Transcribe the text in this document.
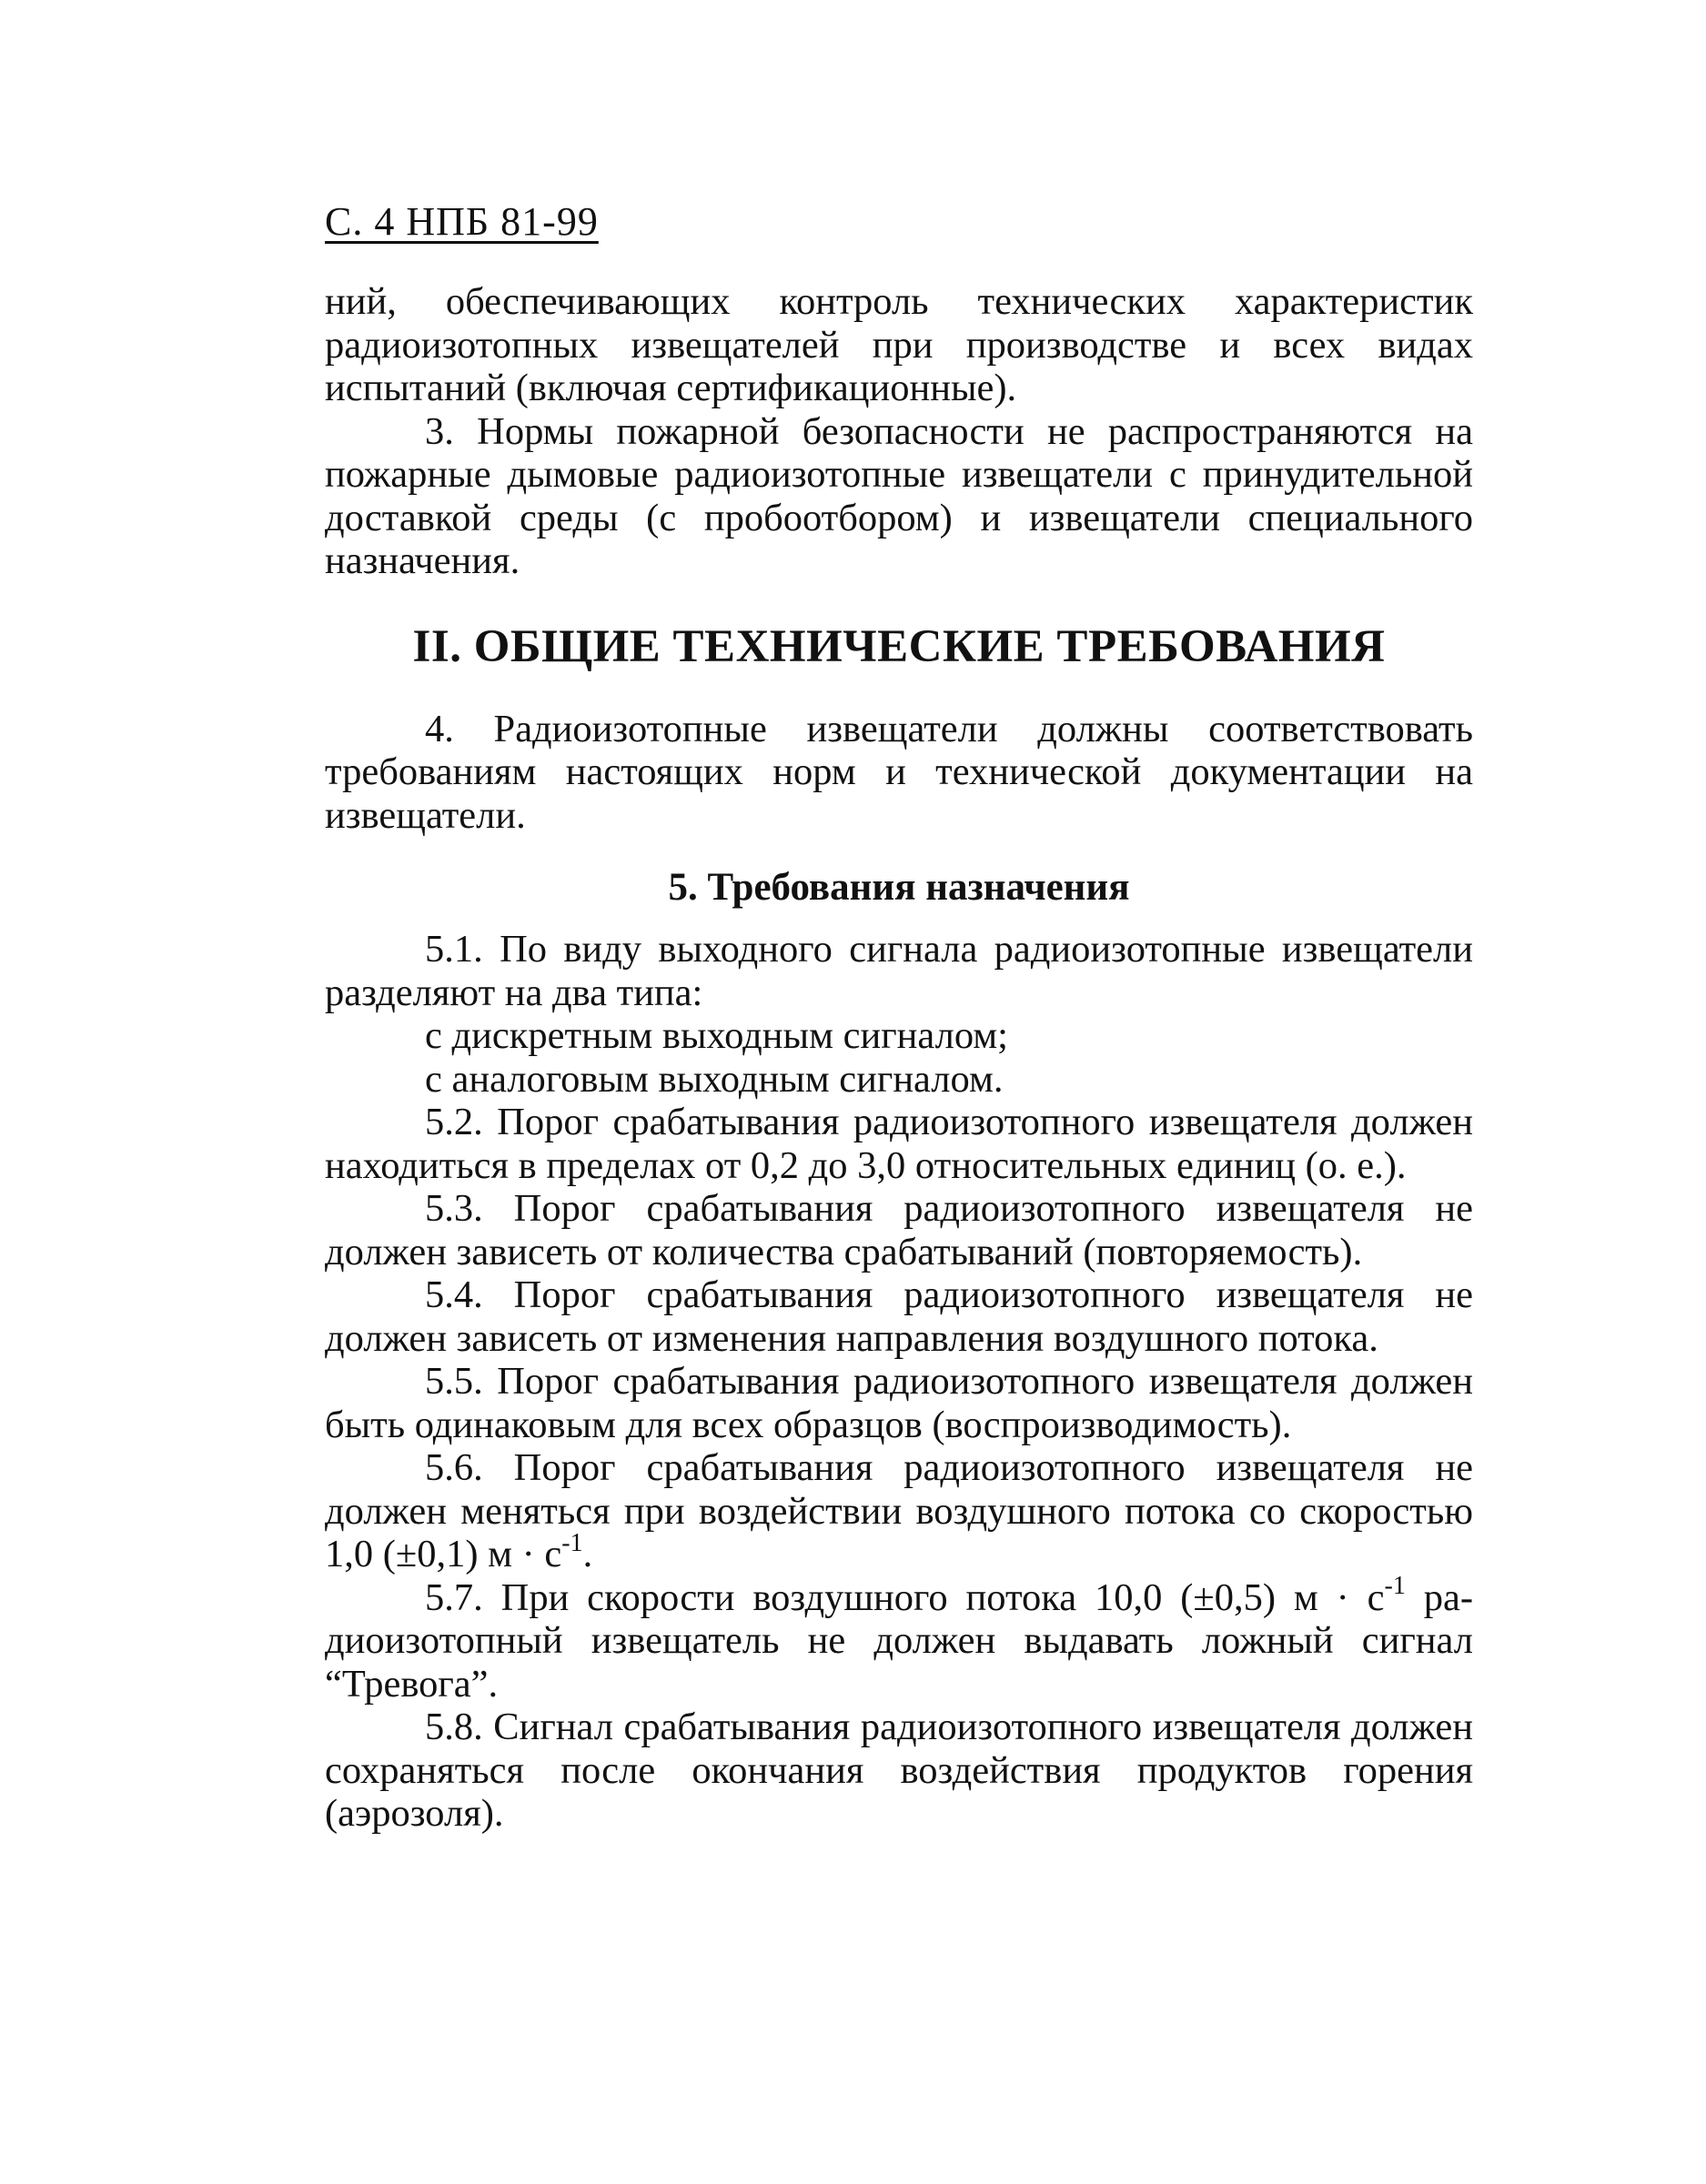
С. 4 НПБ 81-99

ний, обеспечивающих контроль технических характеристик радиоизотопных извещателей при производстве и всех видах испытаний (включая сертификационные).

3. Нормы пожарной безопасности не распространяются на пожарные дымовые радиоизотопные извещатели с принудительной доставкой среды (с пробоотбором) и извещатели специального назначения.

II. ОБЩИЕ ТЕХНИЧЕСКИЕ ТРЕБОВАНИЯ

4. Радиоизотопные извещатели должны соответствовать требованиям настоящих норм и технической документации на извещатели.

5. Требования назначения

5.1. По виду выходного сигнала радиоизотопные извещатели разделяют на два типа:

с дискретным выходным сигналом;

с аналоговым выходным сигналом.

5.2. Порог срабатывания радиоизотопного извещателя должен находиться в пределах от 0,2 до 3,0 относительных единиц (о. е.).

5.3. Порог срабатывания радиоизотопного извещателя не должен зависеть от количества срабатываний (повторяемость).

5.4. Порог срабатывания радиоизотопного извещателя не должен зависеть от изменения направления воздушного потока.

5.5. Порог срабатывания радиоизотопного извещателя должен быть одинаковым для всех образцов (воспроизводимость).

5.6. Порог срабатывания радиоизотопного извещателя не должен меняться при воздействии воздушного потока со скоростью 1,0 (±0,1) $м \cdot с^{-1}$.

5.7. При скорости воздушного потока 10,0 (±0,5) $м \cdot с^{-1}$ радиоизотопный извещатель не должен выдавать ложный сигнал “Тревога”.

5.8. Сигнал срабатывания радиоизотопного извещателя должен сохраняться после окончания воздействия продуктов горения (аэрозоля).
